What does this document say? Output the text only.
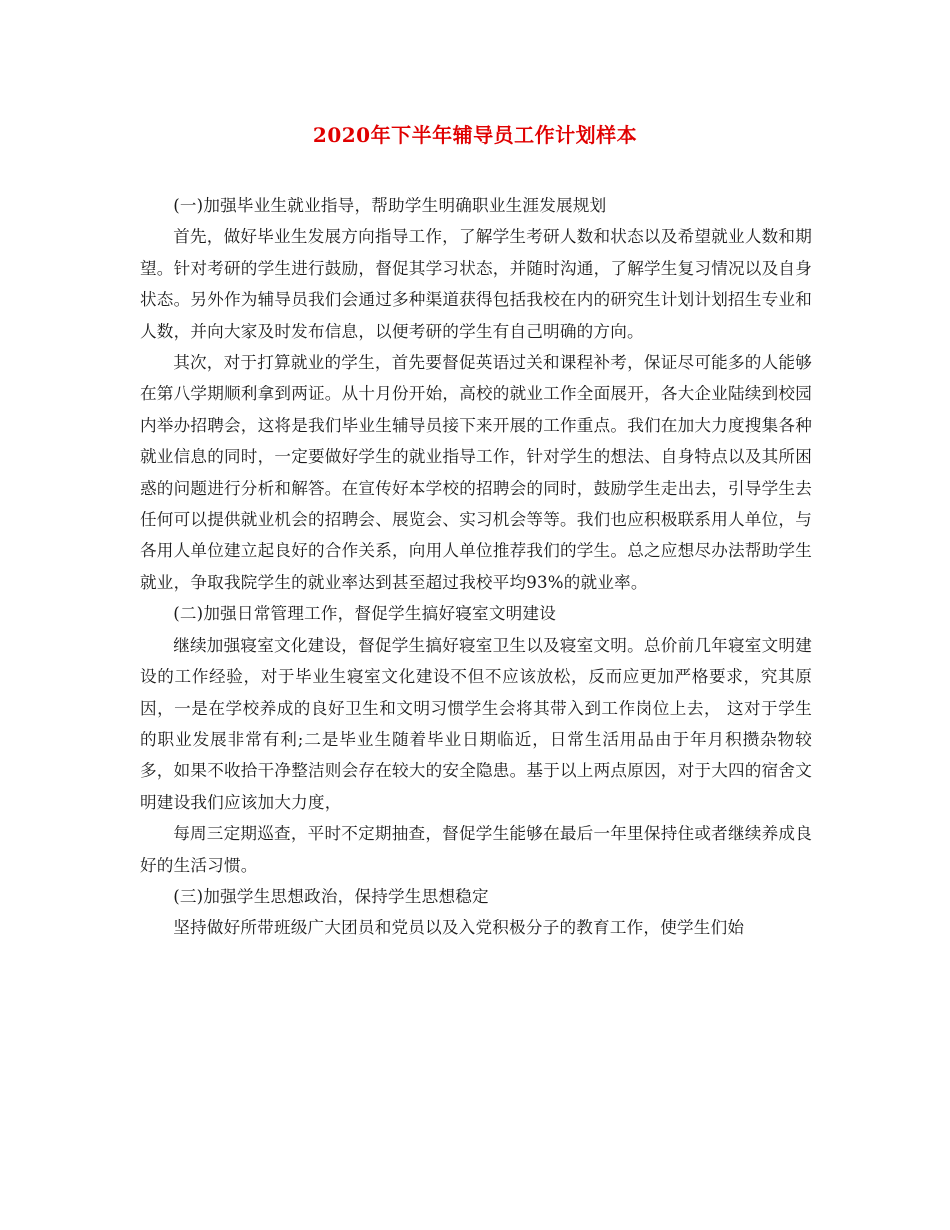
2020年下半年辅导员工作计划样本

(一)加强毕业生就业指导，帮助学生明确职业生涯发展规划

首先，做好毕业生发展方向指导工作，了解学生考研人数和状态以及希望就业人数和期望。针对考研的学生进行鼓励，督促其学习状态，并随时沟通，了解学生复习情况以及自身状态。另外作为辅导员我们会通过多种渠道获得包括我校在内的研究生计划计划招生专业和人数，并向大家及时发布信息，以便考研的学生有自己明确的方向。

其次，对于打算就业的学生，首先要督促英语过关和课程补考，保证尽可能多的人能够在第八学期顺利拿到两证。从十月份开始，高校的就业工作全面展开，各大企业陆续到校园内举办招聘会，这将是我们毕业生辅导员接下来开展的工作重点。我们在加大力度搜集各种就业信息的同时，一定要做好学生的就业指导工作，针对学生的想法、自身特点以及其所困惑的问题进行分析和解答。在宣传好本学校的招聘会的同时，鼓励学生走出去，引导学生去任何可以提供就业机会的招聘会、展览会、实习机会等等。我们也应积极联系用人单位，与各用人单位建立起良好的合作关系，向用人单位推荐我们的学生。总之应想尽办法帮助学生就业，争取我院学生的就业率达到甚至超过我校平均93%的就业率。

(二)加强日常管理工作，督促学生搞好寝室文明建设

继续加强寝室文化建设，督促学生搞好寝室卫生以及寝室文明。总价前几年寝室文明建设的工作经验，对于毕业生寝室文化建设不但不应该放松，反而应更加严格要求，究其原因，一是在学校养成的良好卫生和文明习惯学生会将其带入到工作岗位上去， 这对于学生的职业发展非常有利;二是毕业生随着毕业日期临近，日常生活用品由于年月积攒杂物较多，如果不收拾干净整洁则会存在较大的安全隐患。基于以上两点原因，对于大四的宿舍文明建设我们应该加大力度，

每周三定期巡查，平时不定期抽查，督促学生能够在最后一年里保持住或者继续养成良好的生活习惯。

(三)加强学生思想政治，保持学生思想稳定

坚持做好所带班级广大团员和党员以及入党积极分子的教育工作，使学生们始
